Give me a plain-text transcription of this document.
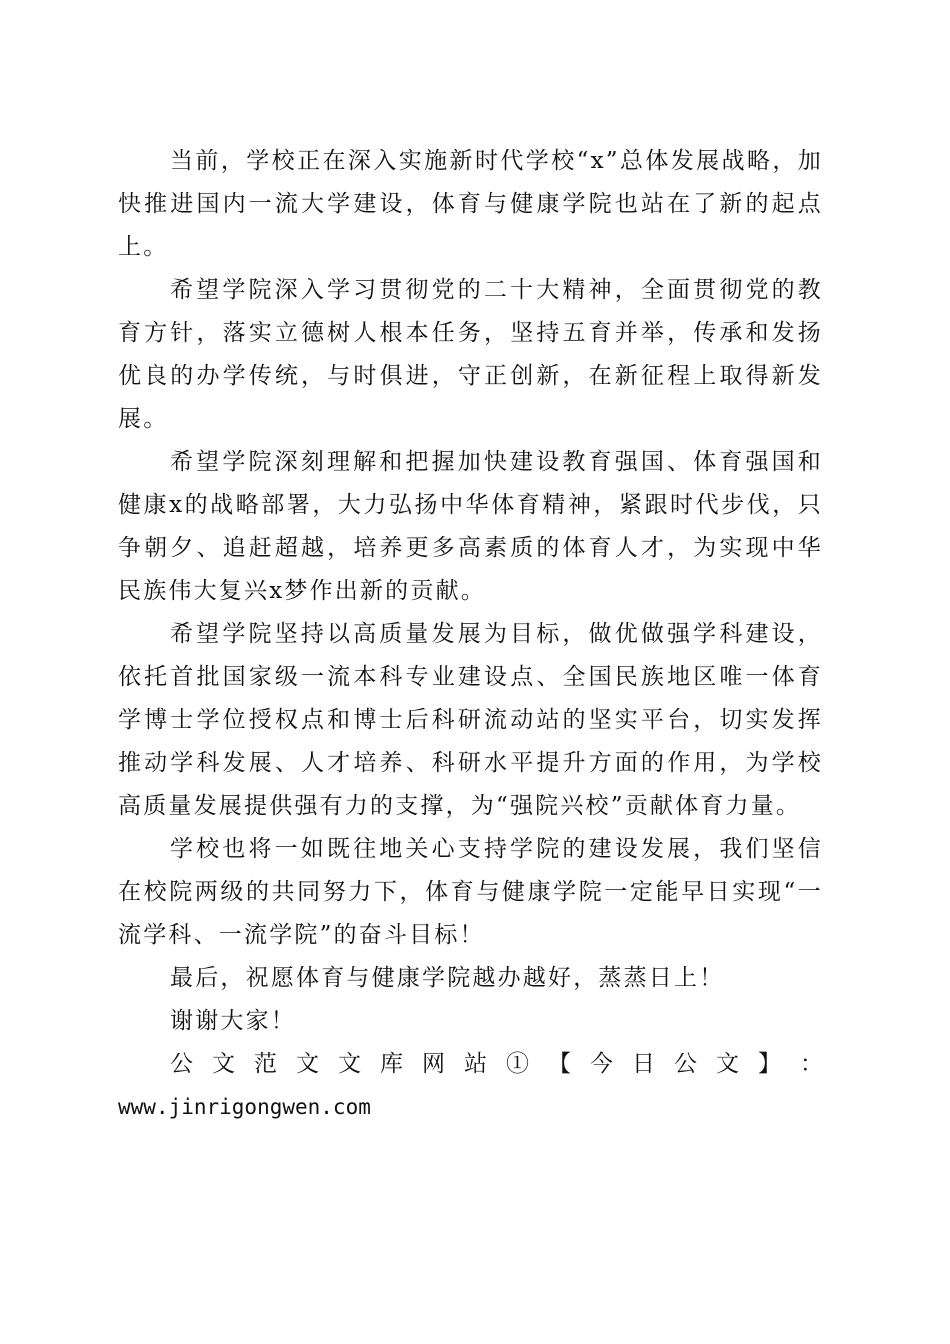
当前，学校正在深入实施新时代学校“x”总体发展战略，加快推进国内一流大学建设，体育与健康学院也站在了新的起点上。

希望学院深入学习贯彻党的二十大精神，全面贯彻党的教育方针，落实立德树人根本任务，坚持五育并举，传承和发扬优良的办学传统，与时俱进，守正创新，在新征程上取得新发展。

希望学院深刻理解和把握加快建设教育强国、体育强国和健康x的战略部署，大力弘扬中华体育精神，紧跟时代步伐，只争朝夕、追赶超越，培养更多高素质的体育人才，为实现中华民族伟大复兴x梦作出新的贡献。

希望学院坚持以高质量发展为目标，做优做强学科建设，依托首批国家级一流本科专业建设点、全国民族地区唯一体育学博士学位授权点和博士后科研流动站的坚实平台，切实发挥推动学科发展、人才培养、科研水平提升方面的作用，为学校高质量发展提供强有力的支撑，为“强院兴校”贡献体育力量。

学校也将一如既往地关心支持学院的建设发展，我们坚信在校院两级的共同努力下，体育与健康学院一定能早日实现“一流学科、一流学院”的奋斗目标！

最后，祝愿体育与健康学院越办越好，蒸蒸日上！

谢谢大家！

公 文 范 文 文 库 网 站 ① 【 今 日 公 文 】 ：

www.jinrigongwen.com
